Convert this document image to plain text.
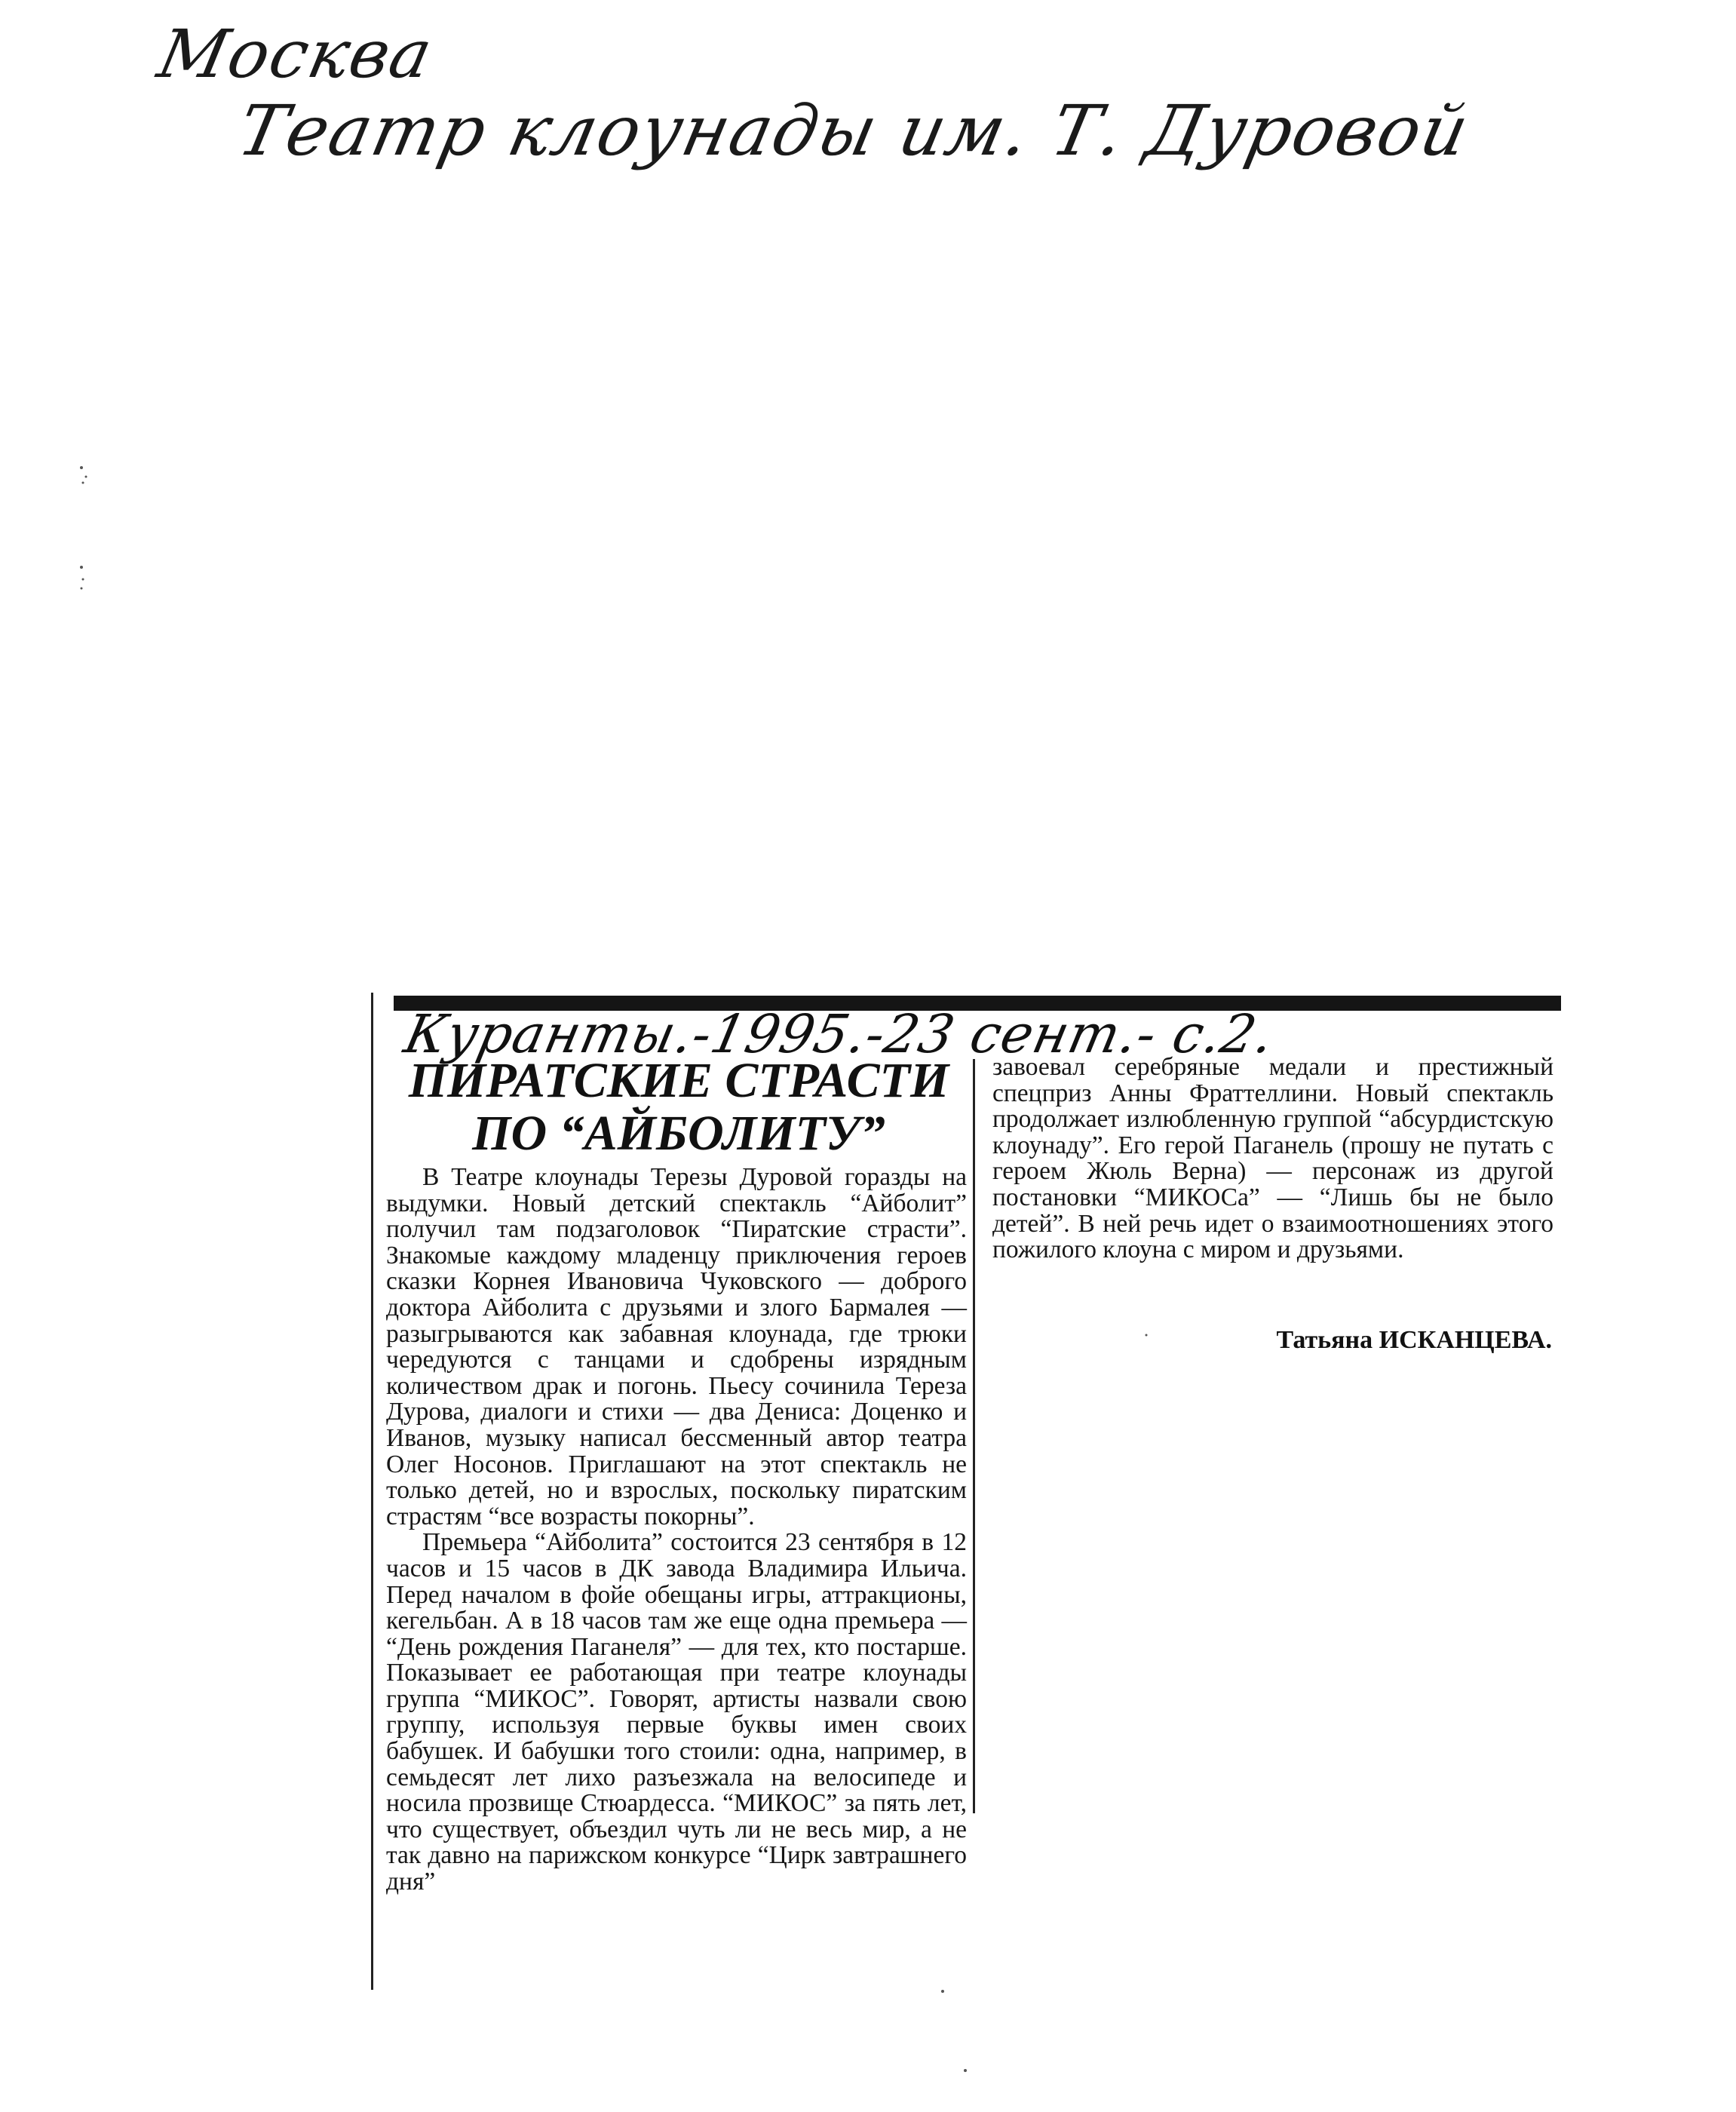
Москва
Театр клоунады им. Т. Дуровой
Куранты.-1995.-23 сент.- с.2.
ПИРАТСКИЕ СТРАСТИ
ПО “АЙБОЛИТУ”

В Театре клоунады Терезы Дуровой горазды на выдумки. Новый детский спектакль “Айболит” получил там подзаголовок “Пиратские страсти”. Знакомые каждому младенцу приключения героев сказки Корнея Ивановича Чуковского — доброго доктора Айболита с друзьями и злого Бармалея — разыгрываются как забавная клоунада, где трюки чередуются с танцами и сдобрены изрядным количеством драк и погонь. Пьесу сочинила Тереза Дурова, диалоги и стихи — два Дениса: Доценко и Иванов, музыку написал бессменный автор театра Олег Носонов. Приглашают на этот спектакль не только детей, но и взрослых, поскольку пиратским страстям “все возрасты покорны”.

Премьера “Айболита” состоится 23 сентября в 12 часов и 15 часов в ДК завода Владимира Ильича. Перед началом в фойе обещаны игры, аттракционы, кегельбан. А в 18 часов там же еще одна премьера — “День рождения Паганеля” — для тех, кто постарше. Показывает ее работающая при театре клоунады группа “МИКОС”. Говорят, артисты назвали свою группу, используя первые буквы имен своих бабушек. И бабушки того стоили: одна, например, в семьдесят лет лихо разъезжала на велосипеде и носила прозвище Стюардесса. “МИКОС” за пять лет, что существует, объездил чуть ли не весь мир, а не так давно на парижском конкурсе “Цирк завтрашнего дня”

завоевал серебряные медали и престижный спецприз Анны Фраттеллини. Новый спектакль продолжает излюбленную группой “абсурдистскую клоунаду”. Его герой Паганель (прошу не путать с героем Жюль Верна) — персонаж из другой постановки “МИКОСа” — “Лишь бы не было детей”. В ней речь идет о взаимоотношениях этого пожилого клоуна с миром и друзьями.

Татьяна ИСКАНЦЕВА.
